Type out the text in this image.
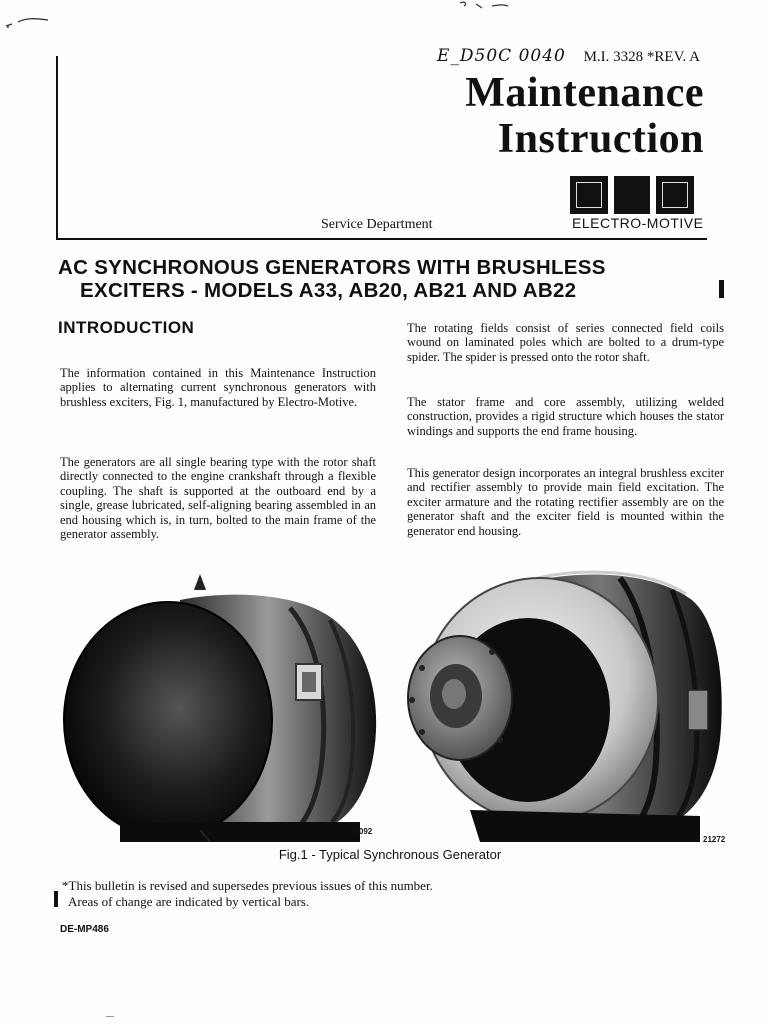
E_D50C 0040 M.I. 3328 *REV. A
Maintenance
Instruction
Service Department	ELECTRO-MOTIVE
AC SYNCHRONOUS GENERATORS WITH BRUSHLESS
EXCITERS - MODELS A33, AB20, AB21 AND AB22
INTRODUCTION
The information contained in this Maintenance Instruction applies to alternating current synchronous generators with brushless exciters, Fig. 1, manufactured by Electro-Motive.
The generators are all single bearing type with the rotor shaft directly connected to the engine crankshaft through a flexible coupling. The shaft is supported at the outboard end by a single, grease lubricated, self-aligning bearing assembled in an end housing which is, in turn, bolted to the main frame of the generator assembly.
The rotating fields consist of series connected field coils wound on laminated poles which are bolted to a drum-type spider. The spider is pressed onto the rotor shaft.
The stator frame and core assembly, utilizing welded construction, provides a rigid structure which houses the stator windings and supports the end frame housing.
This generator design incorporates an integral brushless exciter and rectifier assembly to provide main field excitation. The exciter armature and the rotating rectifier assembly are on the generator shaft and the exciter field is mounted within the generator end housing.
29092
21272
Fig.1 - Typical Synchronous Generator
*This bulletin is revised and supersedes previous issues of this number.
Areas of change are indicated by vertical bars.
DE-MP486
